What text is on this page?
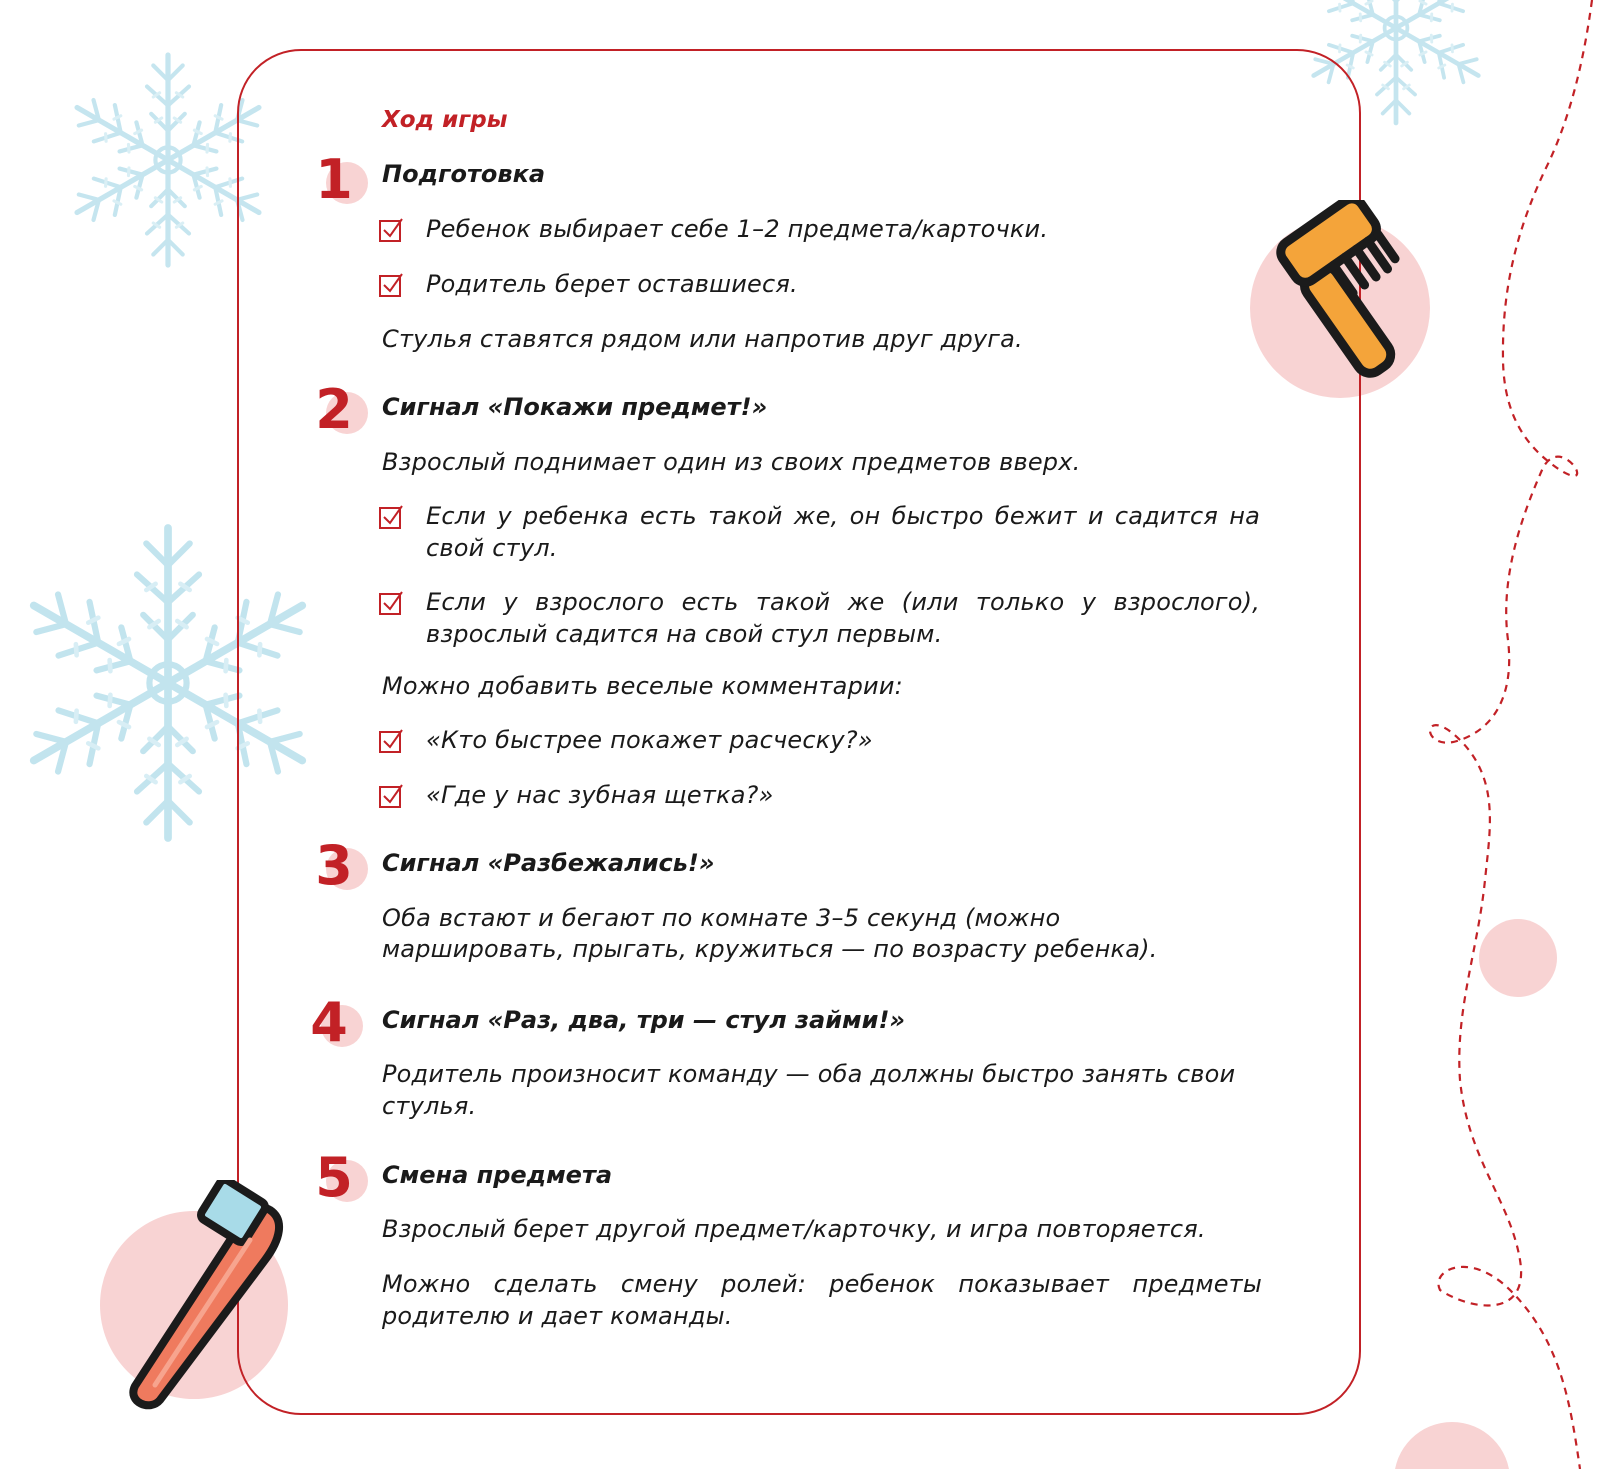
Ход игры

1 Подготовка

Ребенок выбирает себе 1–2 предмета/карточки.

Родитель берет оставшиеся.

Стулья ставятся рядом или напротив друг друга.

2 Сигнал «Покажи предмет!»

Взрослый поднимает один из своих предметов вверх.

Если у ребенка есть такой же, он быстро бежит и садится на свой стул.

Если у взрослого есть такой же (или только у взрослого), взрослый садится на свой стул первым.

Можно добавить веселые комментарии:

«Кто быстрее покажет расческу?»

«Где у нас зубная щетка?»

3 Сигнал «Разбежались!»

Оба встают и бегают по комнате 3–5 секунд (можно

маршировать, прыгать, кружиться — по возрасту ребенка).

4 Сигнал «Раз, два, три — стул займи!»

Родитель произносит команду — оба должны быстро занять свои стулья.

5 Смена предмета

Взрослый берет другой предмет/карточку, и игра повторяется.

Можно сделать смену ролей: ребенок показывает предметы родителю и дает команды.
